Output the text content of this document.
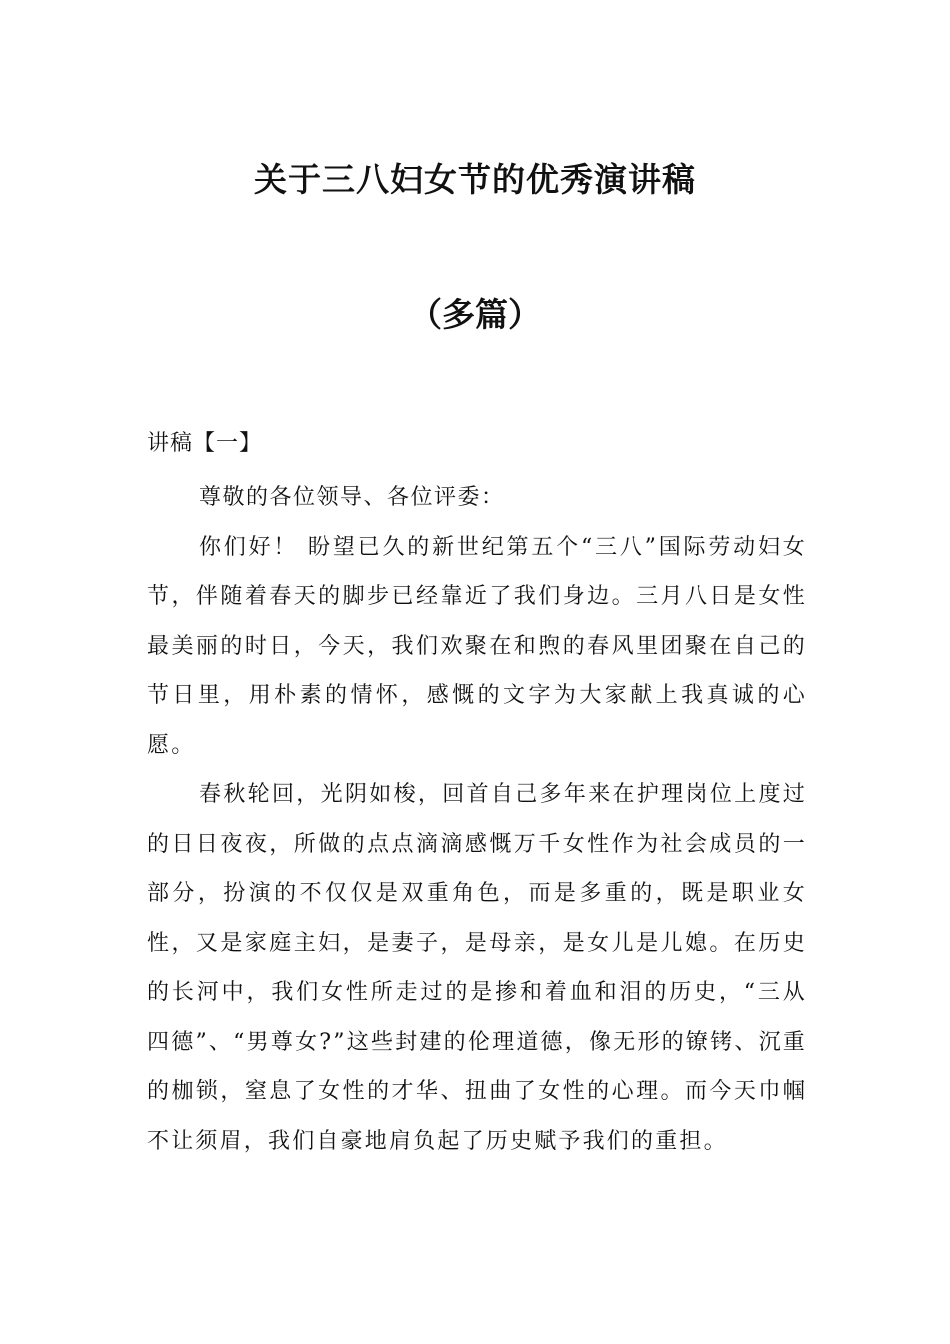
关于三八妇女节的优秀演讲稿
（多篇）

讲稿【一】

尊敬的各位领导、各位评委：

你们好！ 盼望已久的新世纪第五个“三八”国际劳动妇女节，伴随着春天的脚步已经靠近了我们身边。三月八日是女性最美丽的时日，今天，我们欢聚在和煦的春风里团聚在自己的节日里，用朴素的情怀，感慨的文字为大家献上我真诚的心愿。

春秋轮回，光阴如梭，回首自己多年来在护理岗位上度过的日日夜夜，所做的点点滴滴感慨万千女性作为社会成员的一部分，扮演的不仅仅是双重角色，而是多重的，既是职业女性，又是家庭主妇，是妻子，是母亲，是女儿是儿媳。在历史的长河中，我们女性所走过的是掺和着血和泪的历史，“三从四德”、“男尊女?”这些封建的伦理道德，像无形的镣铐、沉重的枷锁，窒息了女性的才华、扭曲了女性的心理。而今天巾帼不让须眉，我们自豪地肩负起了历史赋予我们的重担。
